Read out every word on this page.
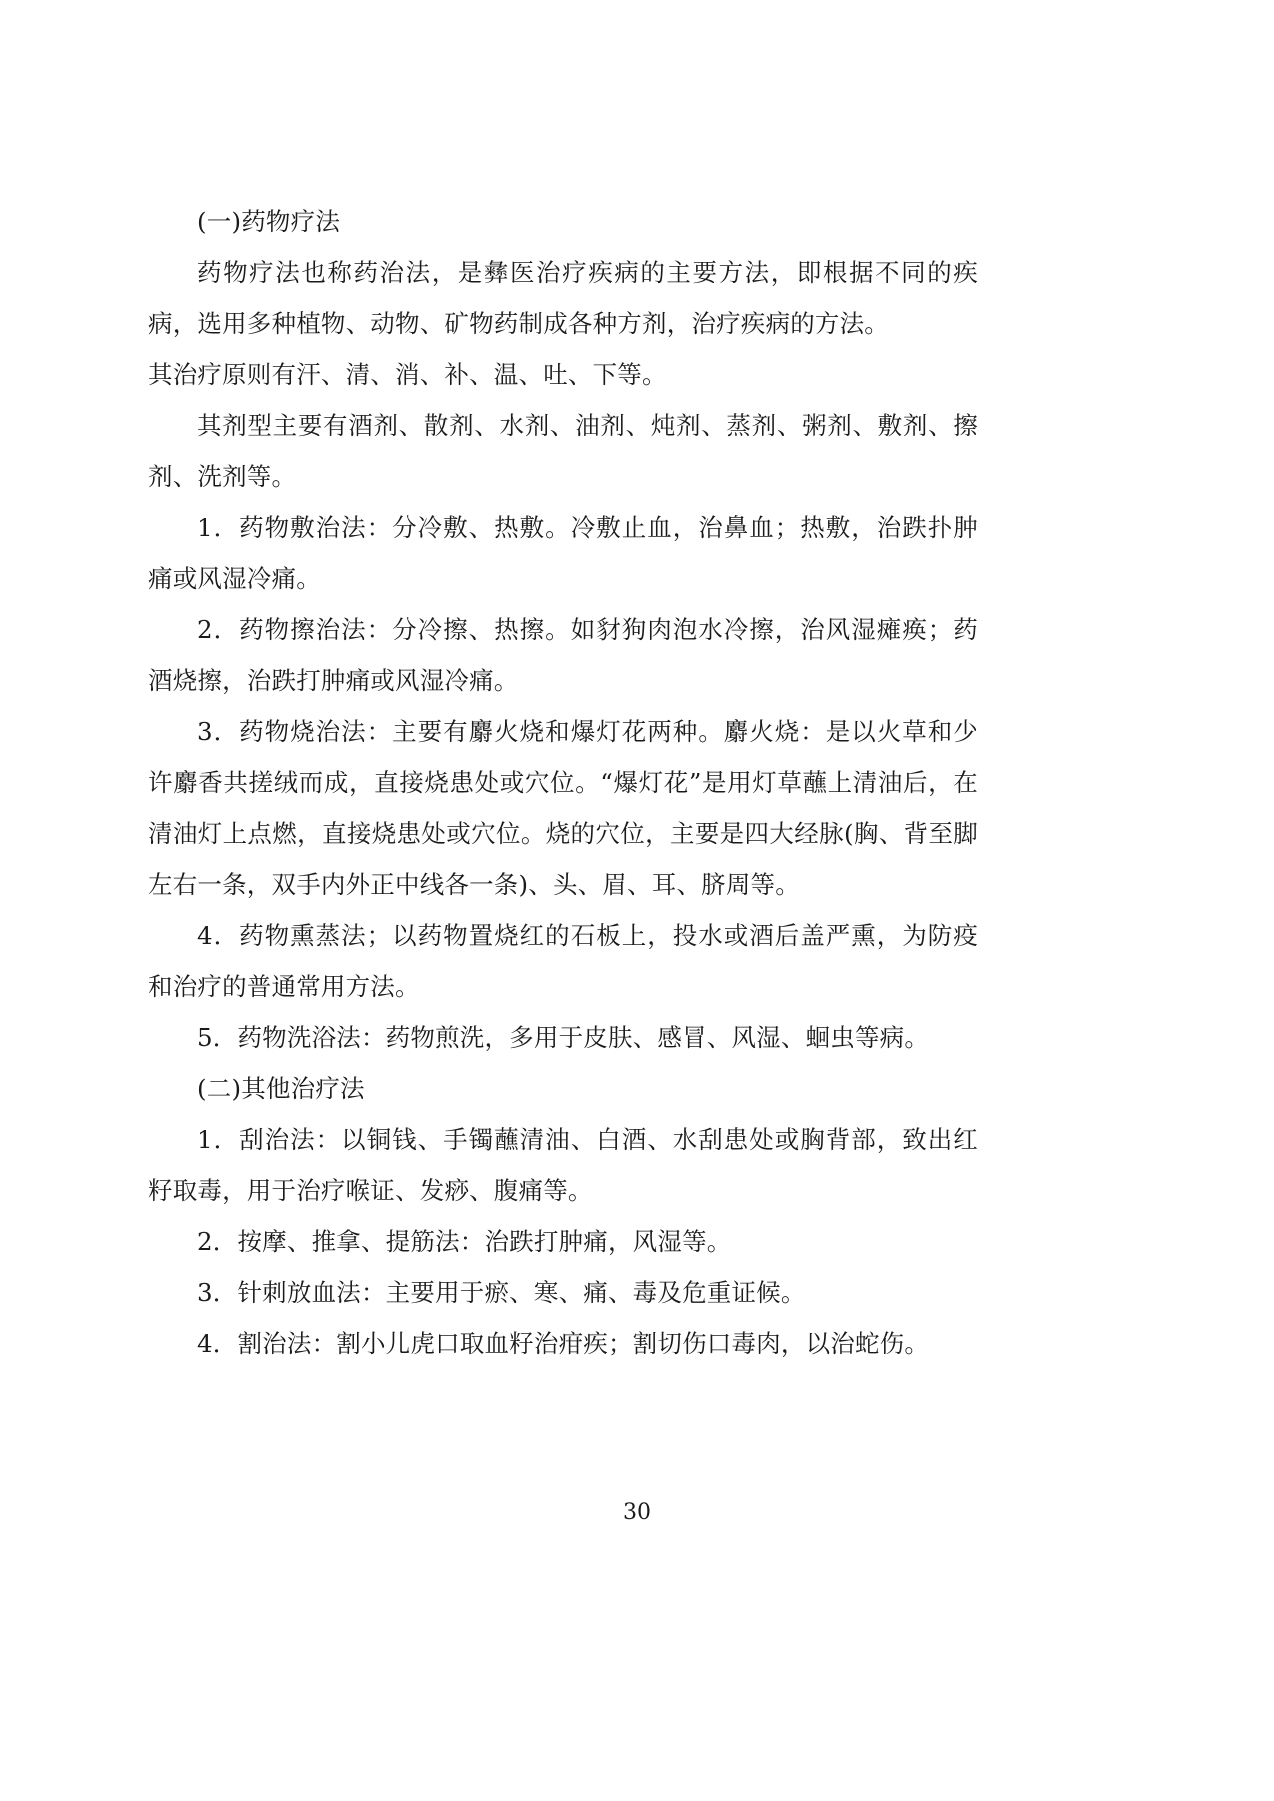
(一)药物疗法

药物疗法也称药治法，是彝医治疗疾病的主要方法，即根据不同的疾病，选用多种植物、动物、矿物药制成各种方剂，治疗疾病的方法。

其治疗原则有汗、清、消、补、温、吐、下等。

其剂型主要有酒剂、散剂、水剂、油剂、炖剂、蒸剂、粥剂、敷剂、擦剂、洗剂等。

1．药物敷治法：分冷敷、热敷。冷敷止血，治鼻血；热敷，治跌扑肿痛或风湿冷痛。

2．药物擦治法：分冷擦、热擦。如豺狗肉泡水冷擦，治风湿瘫痪；药酒烧擦，治跌打肿痛或风湿冷痛。

3．药物烧治法：主要有麝火烧和爆灯花两种。麝火烧：是以火草和少许麝香共搓绒而成，直接烧患处或穴位。“爆灯花”是用灯草蘸上清油后，在清油灯上点燃，直接烧患处或穴位。烧的穴位，主要是四大经脉(胸、背至脚左右一条，双手内外正中线各一条)、头、眉、耳、脐周等。

4．药物熏蒸法；以药物置烧红的石板上，投水或酒后盖严熏，为防疫和治疗的普通常用方法。

5．药物洗浴法：药物煎洗，多用于皮肤、感冒、风湿、蛔虫等病。

(二)其他治疗法

1．刮治法：以铜钱、手镯蘸清油、白酒、水刮患处或胸背部，致出红籽取毒，用于治疗喉证、发痧、腹痛等。

2．按摩、推拿、提筋法：治跌打肿痛，风湿等。

3．针刺放血法：主要用于瘀、寒、痛、毒及危重证候。

4．割治法：割小儿虎口取血籽治疳疾；割切伤口毒肉，以治蛇伤。

30
